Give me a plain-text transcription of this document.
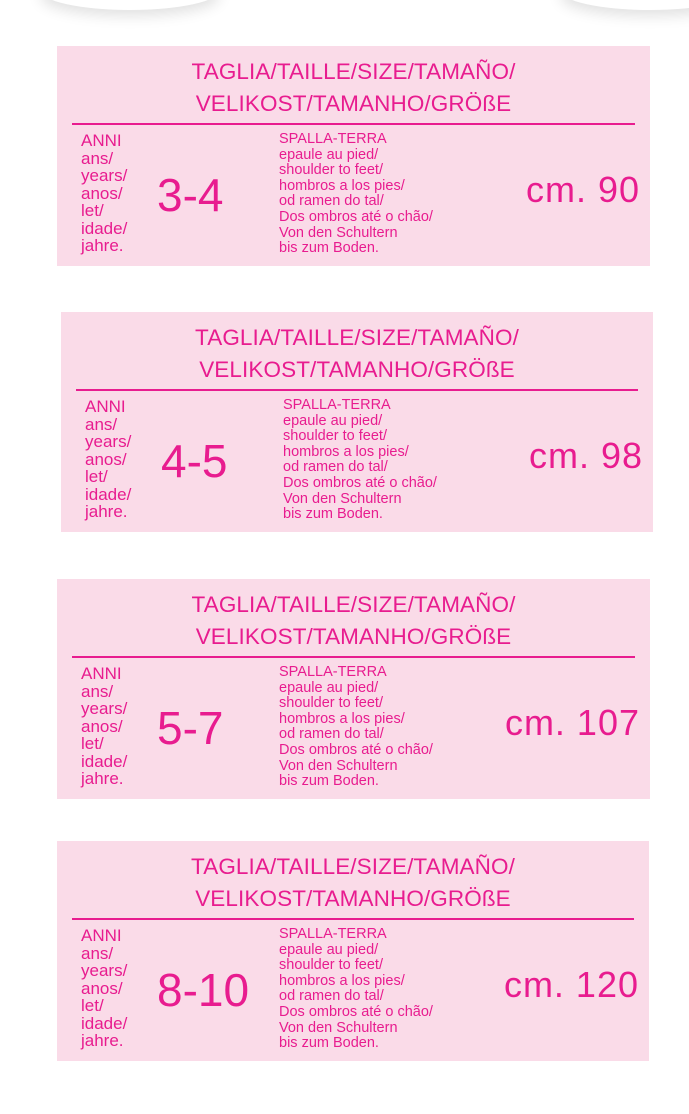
TAGLIA/TAILLE/SIZE/TAMAÑO/
VELIKOST/TAMANHO/GRÖßE
ANNI
ans/
years/
anos/
let/
idade/
jahre.
3-4
SPALLA-TERRA
epaule au pied/
shoulder to feet/
hombros a los pies/
od ramen do tal/
Dos ombros até o chão/
Von den Schultern
bis zum Boden.
cm. 90
TAGLIA/TAILLE/SIZE/TAMAÑO/
VELIKOST/TAMANHO/GRÖßE
ANNI
ans/
years/
anos/
let/
idade/
jahre.
4-5
SPALLA-TERRA
epaule au pied/
shoulder to feet/
hombros a los pies/
od ramen do tal/
Dos ombros até o chão/
Von den Schultern
bis zum Boden.
cm. 98
TAGLIA/TAILLE/SIZE/TAMAÑO/
VELIKOST/TAMANHO/GRÖßE
ANNI
ans/
years/
anos/
let/
idade/
jahre.
5-7
SPALLA-TERRA
epaule au pied/
shoulder to feet/
hombros a los pies/
od ramen do tal/
Dos ombros até o chão/
Von den Schultern
bis zum Boden.
cm. 107
TAGLIA/TAILLE/SIZE/TAMAÑO/
VELIKOST/TAMANHO/GRÖßE
ANNI
ans/
years/
anos/
let/
idade/
jahre.
8-10
SPALLA-TERRA
epaule au pied/
shoulder to feet/
hombros a los pies/
od ramen do tal/
Dos ombros até o chão/
Von den Schultern
bis zum Boden.
cm. 120
